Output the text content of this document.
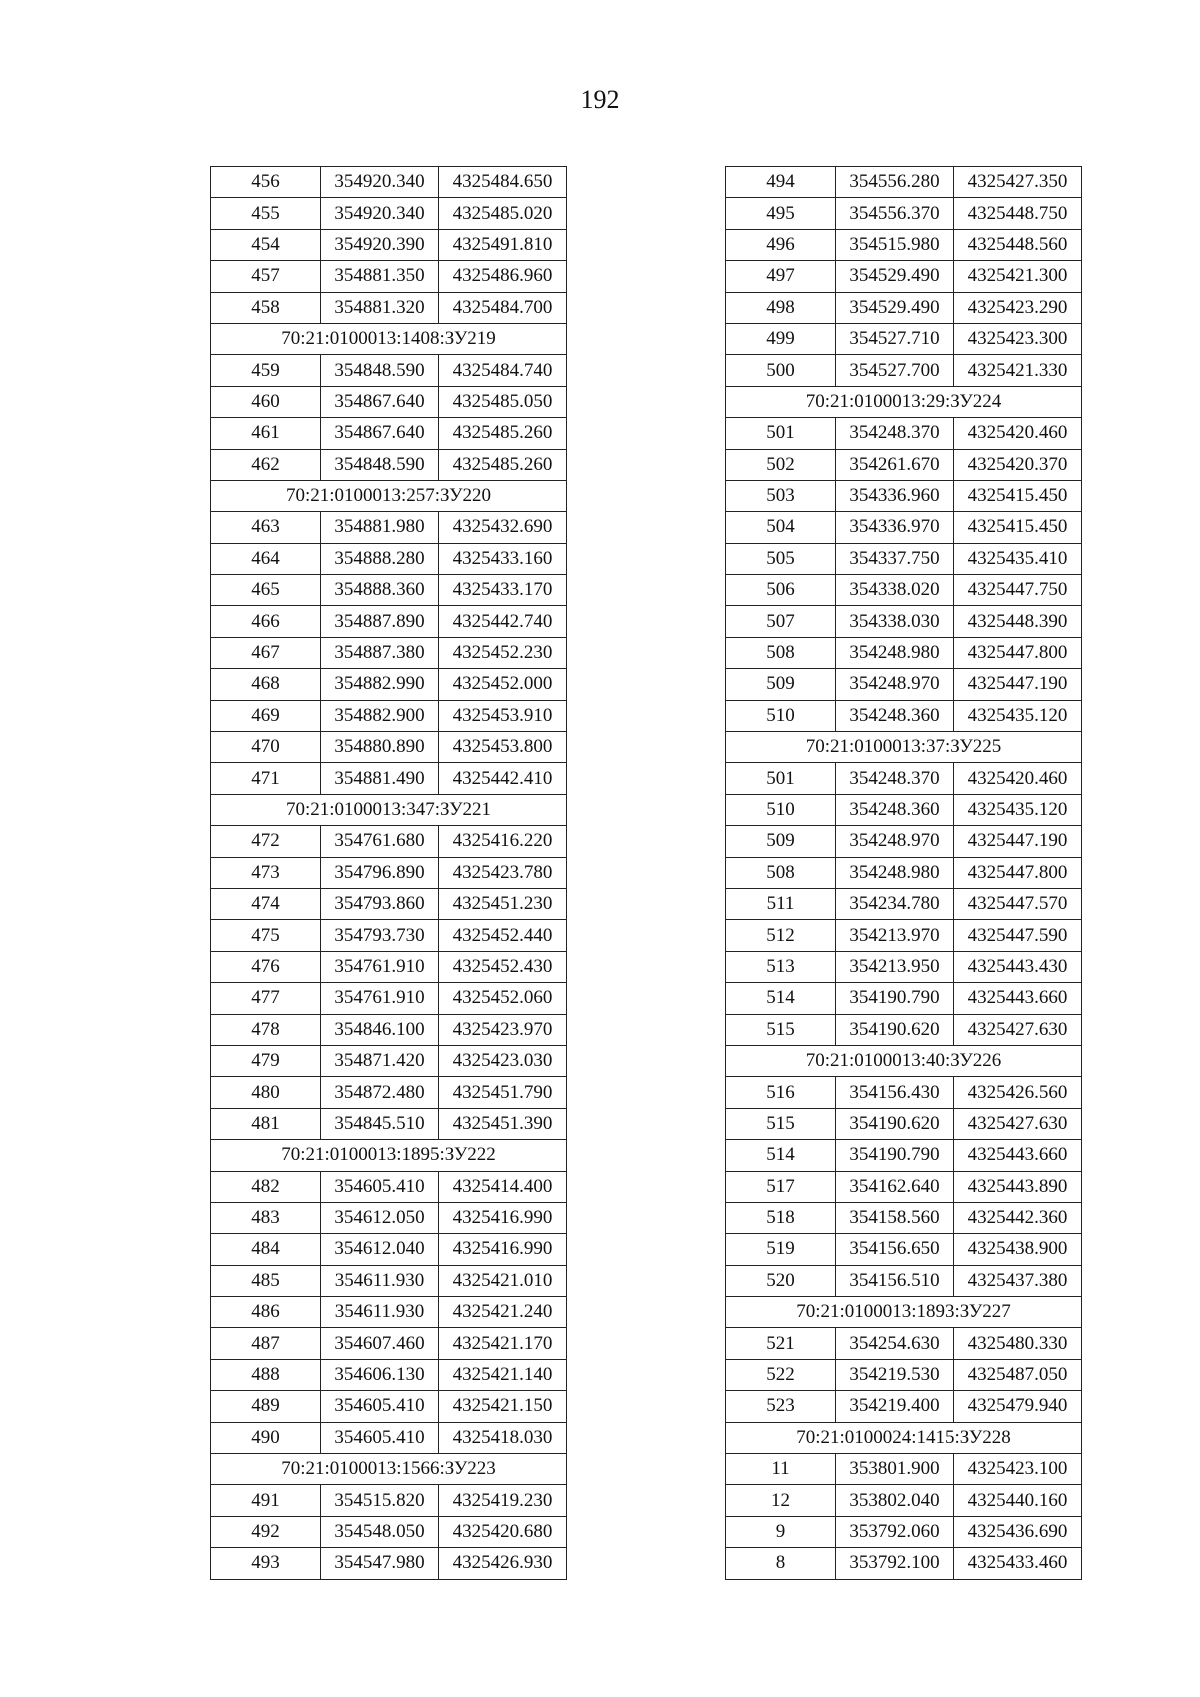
192
456	354920.340	4325484.650
455	354920.340	4325485.020
454	354920.390	4325491.810
457	354881.350	4325486.960
458	354881.320	4325484.700
70:21:0100013:1408:ЗУ219		
459	354848.590	4325484.740
460	354867.640	4325485.050
461	354867.640	4325485.260
462	354848.590	4325485.260
70:21:0100013:257:ЗУ220		
463	354881.980	4325432.690
464	354888.280	4325433.160
465	354888.360	4325433.170
466	354887.890	4325442.740
467	354887.380	4325452.230
468	354882.990	4325452.000
469	354882.900	4325453.910
470	354880.890	4325453.800
471	354881.490	4325442.410
70:21:0100013:347:ЗУ221		
472	354761.680	4325416.220
473	354796.890	4325423.780
474	354793.860	4325451.230
475	354793.730	4325452.440
476	354761.910	4325452.430
477	354761.910	4325452.060
478	354846.100	4325423.970
479	354871.420	4325423.030
480	354872.480	4325451.790
481	354845.510	4325451.390
70:21:0100013:1895:ЗУ222		
482	354605.410	4325414.400
483	354612.050	4325416.990
484	354612.040	4325416.990
485	354611.930	4325421.010
486	354611.930	4325421.240
487	354607.460	4325421.170
488	354606.130	4325421.140
489	354605.410	4325421.150
490	354605.410	4325418.030
70:21:0100013:1566:ЗУ223		
491	354515.820	4325419.230
492	354548.050	4325420.680
493	354547.980	4325426.930
494	354556.280	4325427.350
495	354556.370	4325448.750
496	354515.980	4325448.560
497	354529.490	4325421.300
498	354529.490	4325423.290
499	354527.710	4325423.300
500	354527.700	4325421.330
70:21:0100013:29:ЗУ224		
501	354248.370	4325420.460
502	354261.670	4325420.370
503	354336.960	4325415.450
504	354336.970	4325415.450
505	354337.750	4325435.410
506	354338.020	4325447.750
507	354338.030	4325448.390
508	354248.980	4325447.800
509	354248.970	4325447.190
510	354248.360	4325435.120
70:21:0100013:37:ЗУ225		
501	354248.370	4325420.460
510	354248.360	4325435.120
509	354248.970	4325447.190
508	354248.980	4325447.800
511	354234.780	4325447.570
512	354213.970	4325447.590
513	354213.950	4325443.430
514	354190.790	4325443.660
515	354190.620	4325427.630
70:21:0100013:40:ЗУ226		
516	354156.430	4325426.560
515	354190.620	4325427.630
514	354190.790	4325443.660
517	354162.640	4325443.890
518	354158.560	4325442.360
519	354156.650	4325438.900
520	354156.510	4325437.380
70:21:0100013:1893:ЗУ227		
521	354254.630	4325480.330
522	354219.530	4325487.050
523	354219.400	4325479.940
70:21:0100024:1415:ЗУ228		
11	353801.900	4325423.100
12	353802.040	4325440.160
9	353792.060	4325436.690
8	353792.100	4325433.460
